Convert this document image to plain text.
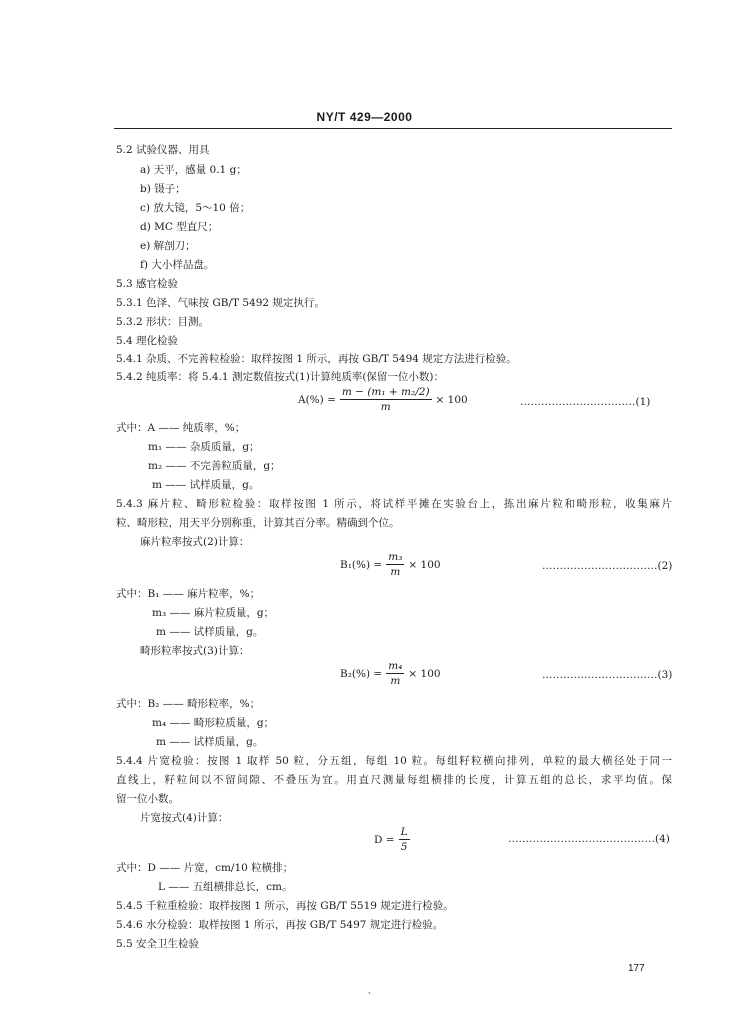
NY/T 429—2000
5.2 试验仪器、用具
a) 天平，感量 0.1 g；
b) 镊子；
c) 放大镜，5～10 倍；
d) MC 型直尺；
e) 解剖刀；
f) 大小样品盘。
5.3 感官检验
5.3.1 色泽、气味按 GB/T 5492 规定执行。
5.3.2 形状：目测。
5.4 理化检验
5.4.1 杂质、不完善粒检验：取样按图 1 所示，再按 GB/T 5494 规定方法进行检验。
5.4.2 纯质率：将 5.4.1 测定数值按式(1)计算纯质率(保留一位小数)：
$A(\%) = \frac{\text{m − (m₁ + m₂/2)}}{m} \times 100$	……………………………(1)
式中：A —— 纯质率，%；
m₁ —— 杂质质量，g；
m₂ —— 不完善粒质量，g；
m —— 试样质量，g。
5.4.3 麻片粒、畸形粒检验：取样按图 1 所示，将试样平摊在实验台上，拣出麻片粒和畸形粒，收集麻片
粒、畸形粒，用天平分别称重，计算其百分率。精确到个位。
麻片粒率按式(2)计算：
$B_1(\%) = \frac{\text{m₃}}{m} \times 100$	……………………………(2)
式中：B₁ —— 麻片粒率，%；
m₃ —— 麻片粒质量，g；
m —— 试样质量，g。
畸形粒率按式(3)计算：
$B_2(\%) = \frac{\text{m₄}}{m} \times 100$	……………………………(3)
式中：B₂ —— 畸形粒率，%；
m₄ —— 畸形粒质量，g；
m —— 试样质量，g。
5.4.4 片宽检验：按图 1 取样 50 粒，分五组，每组 10 粒。每组籽粒横向排列，单粒的最大横径处于同一
直线上，籽粒间以不留间隙、不叠压为宜。用直尺测量每组横排的长度，计算五组的总长，求平均值。保
留一位小数。
片宽按式(4)计算：
$D = \frac{L}{5}$	……………………………………(4)
式中：D —— 片宽，cm/10 粒横排；
L —— 五组横排总长，cm。
5.4.5 千粒重检验：取样按图 1 所示，再按 GB/T 5519 规定进行检验。
5.4.6 水分检验：取样按图 1 所示，再按 GB/T 5497 规定进行检验。
5.5 安全卫生检验
177
、
